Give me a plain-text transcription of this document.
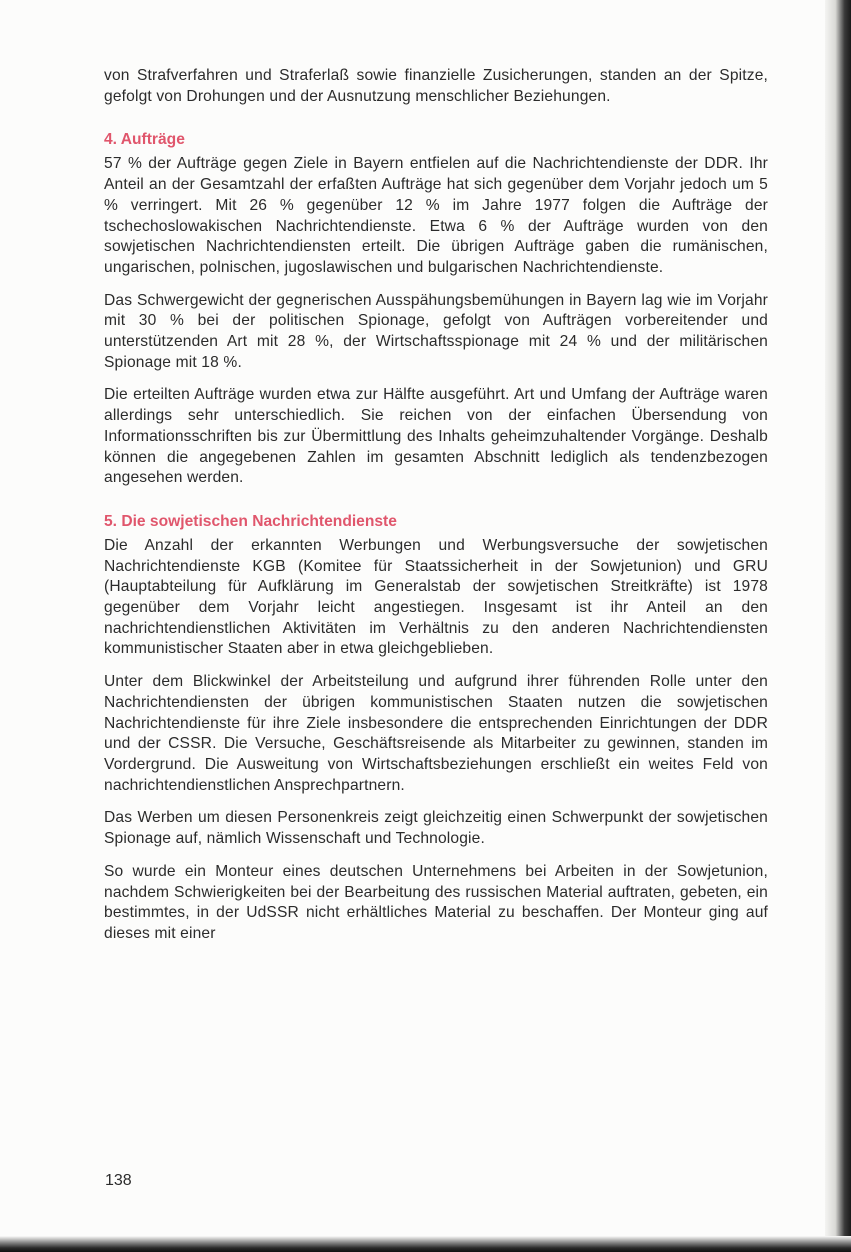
von Strafverfahren und Straferlaß sowie finanzielle Zusicherungen, standen an der Spitze, gefolgt von Drohungen und der Ausnutzung menschlicher Beziehungen.

4. Aufträge

57 % der Aufträge gegen Ziele in Bayern entfielen auf die Nachrichtendienste der DDR. Ihr Anteil an der Gesamtzahl der erfaßten Aufträge hat sich gegenüber dem Vorjahr jedoch um 5 % verringert. Mit 26 % gegenüber 12 % im Jahre 1977 folgen die Aufträge der tschechoslowakischen Nachrichtendienste. Etwa 6 % der Aufträge wurden von den sowjetischen Nachrichtendiensten erteilt. Die übrigen Aufträge gaben die rumänischen, ungarischen, polnischen, jugoslawischen und bulgarischen Nachrichtendienste.

Das Schwergewicht der gegnerischen Ausspähungsbemühungen in Bayern lag wie im Vorjahr mit 30 % bei der politischen Spionage, gefolgt von Aufträgen vorbereitender und unterstützenden Art mit 28 %, der Wirtschaftsspionage mit 24 % und der militärischen Spionage mit 18 %.

Die erteilten Aufträge wurden etwa zur Hälfte ausgeführt. Art und Umfang der Aufträge waren allerdings sehr unterschiedlich. Sie reichen von der einfachen Übersendung von Informationsschriften bis zur Übermittlung des Inhalts geheimzuhaltender Vorgänge. Deshalb können die angegebenen Zahlen im gesamten Abschnitt lediglich als tendenzbezogen angesehen werden.

5. Die sowjetischen Nachrichtendienste

Die Anzahl der erkannten Werbungen und Werbungsversuche der sowjetischen Nachrichtendienste KGB (Komitee für Staatssicherheit in der Sowjetunion) und GRU (Hauptabteilung für Aufklärung im Generalstab der sowjetischen Streitkräfte) ist 1978 gegenüber dem Vorjahr leicht angestiegen. Insgesamt ist ihr Anteil an den nachrichtendienstlichen Aktivitäten im Verhältnis zu den anderen Nachrichtendiensten kommunistischer Staaten aber in etwa gleichgeblieben.

Unter dem Blickwinkel der Arbeitsteilung und aufgrund ihrer führenden Rolle unter den Nachrichtendiensten der übrigen kommunistischen Staaten nutzen die sowjetischen Nachrichtendienste für ihre Ziele insbesondere die entsprechenden Einrichtungen der DDR und der CSSR. Die Versuche, Geschäftsreisende als Mitarbeiter zu gewinnen, standen im Vordergrund. Die Ausweitung von Wirtschaftsbeziehungen erschließt ein weites Feld von nachrichtendienstlichen Ansprechpartnern.

Das Werben um diesen Personenkreis zeigt gleichzeitig einen Schwerpunkt der sowjetischen Spionage auf, nämlich Wissenschaft und Technologie.

So wurde ein Monteur eines deutschen Unternehmens bei Arbeiten in der Sowjetunion, nachdem Schwierigkeiten bei der Bearbeitung des russischen Material auftraten, gebeten, ein bestimmtes, in der UdSSR nicht erhältliches Material zu beschaffen. Der Monteur ging auf dieses mit einer

138
